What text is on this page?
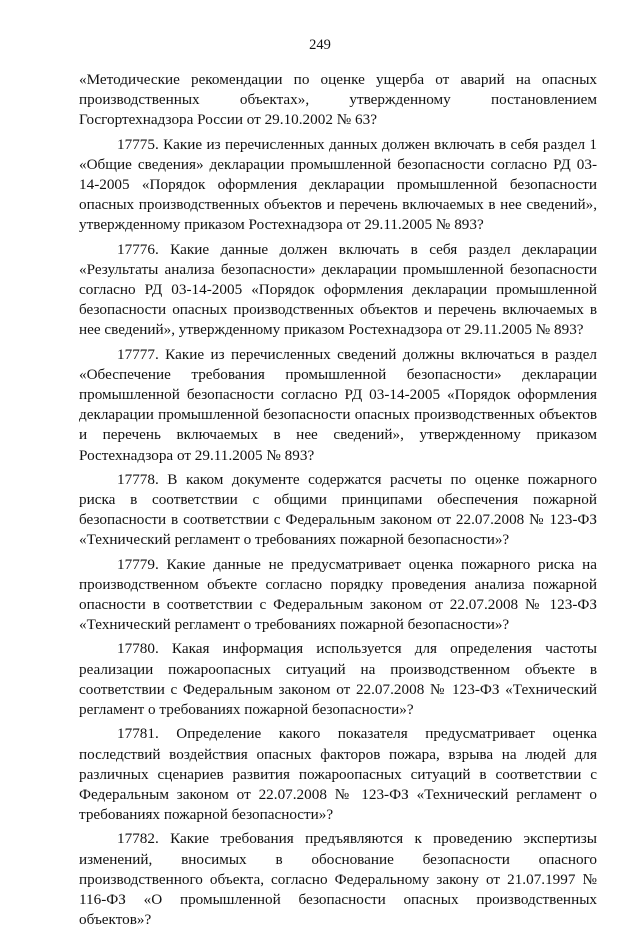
249

«Методические рекомендации по оценке ущерба от аварий на опасных производственных объектах», утвержденному постановлением Госгортехнадзора России от 29.10.2002 № 63?

17775. Какие из перечисленных данных должен включать в себя раздел 1 «Общие сведения» декларации промышленной безопасности согласно РД 03-14-2005 «Порядок оформления декларации промышленной безопасности опасных производственных объектов и перечень включаемых в нее сведений», утвержденному приказом Ростехнадзора от 29.11.2005 № 893?

17776. Какие данные должен включать в себя раздел декларации «Результаты анализа безопасности» декларации промышленной безопасности согласно РД 03-14-2005 «Порядок оформления декларации промышленной безопасности опасных производственных объектов и перечень включаемых в нее сведений», утвержденному приказом Ростехнадзора от 29.11.2005 № 893?

17777. Какие из перечисленных сведений должны включаться в раздел «Обеспечение требования промышленной безопасности» декларации промышленной безопасности согласно РД 03-14-2005 «Порядок оформления декларации промышленной безопасности опасных производственных объектов и перечень включаемых в нее сведений», утвержденному приказом Ростехнадзора от 29.11.2005 № 893?

17778. В каком документе содержатся расчеты по оценке пожарного риска в соответствии с общими принципами обеспечения пожарной безопасности в соответствии с Федеральным законом от 22.07.2008 № 123-ФЗ «Технический регламент о требованиях пожарной безопасности»?

17779. Какие данные не предусматривает оценка пожарного риска на производственном объекте согласно порядку проведения анализа пожарной опасности в соответствии с Федеральным законом от 22.07.2008 № 123-ФЗ «Технический регламент о требованиях пожарной безопасности»?

17780. Какая информация используется для определения частоты реализации пожароопасных ситуаций на производственном объекте в соответствии с Федеральным законом от 22.07.2008 № 123-ФЗ «Технический регламент о требованиях пожарной безопасности»?

17781. Определение какого показателя предусматривает оценка последствий воздействия опасных факторов пожара, взрыва на людей для различных сценариев развития пожароопасных ситуаций в соответствии с Федеральным законом от 22.07.2008 № 123-ФЗ «Технический регламент о требованиях пожарной безопасности»?

17782. Какие требования предъявляются к проведению экспертизы изменений, вносимых в обоснование безопасности опасного производственного объекта, согласно Федеральному закону от 21.07.1997 № 116-ФЗ «О промышленной безопасности опасных производственных объектов»?
